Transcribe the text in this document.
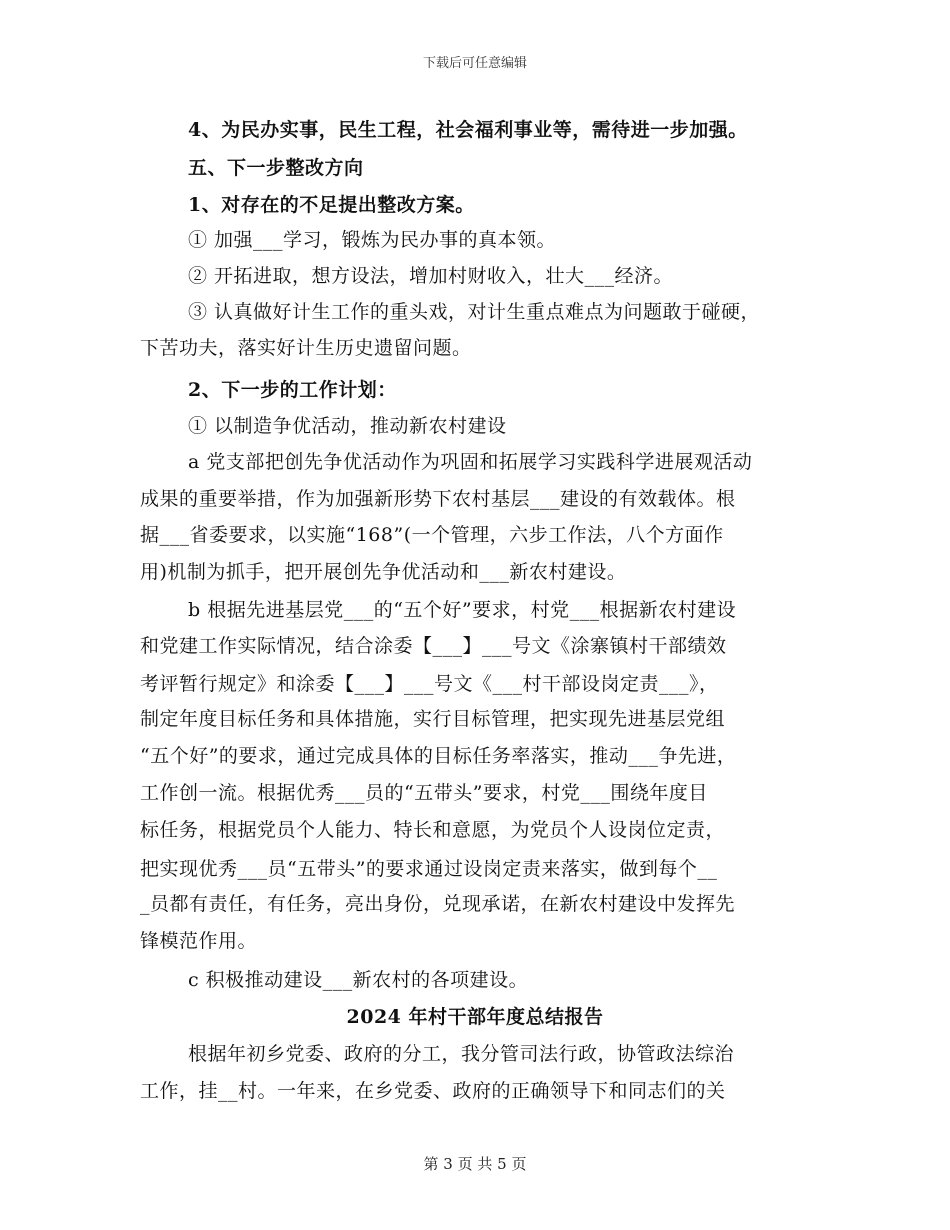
下载后可任意编辑
4、为民办实事，民生工程，社会福利事业等，需待进一步加强。
五、下一步整改方向
1、对存在的不足提出整改方案。
① 加强___学习，锻炼为民办事的真本领。
② 开拓进取，想方设法，增加村财收入，壮大___经济。
③ 认真做好计生工作的重头戏，对计生重点难点为问题敢于碰硬，
下苦功夫，落实好计生历史遗留问题。
2、下一步的工作计划：
① 以制造争优活动，推动新农村建设
a 党支部把创先争优活动作为巩固和拓展学习实践科学进展观活动
成果的重要举措，作为加强新形势下农村基层___建设的有效载体。根
据___省委要求，以实施“168”(一个管理，六步工作法，八个方面作
用)机制为抓手，把开展创先争优活动和___新农村建设。
b 根据先进基层党___的“五个好”要求，村党___根据新农村建设
和党建工作实际情况，结合涂委【___】___号文《涂寨镇村干部绩效
考评暂行规定》和涂委【___】___号文《___村干部设岗定责___》，
制定年度目标任务和具体措施，实行目标管理，把实现先进基层党组
“五个好”的要求，通过完成具体的目标任务率落实，推动___争先进，
工作创一流。根据优秀___员的“五带头”要求，村党___围绕年度目
标任务，根据党员个人能力、特长和意愿，为党员个人设岗位定责，
把实现优秀___员“五带头”的要求通过设岗定责来落实，做到每个__
_员都有责任，有任务，亮出身份，兑现承诺，在新农村建设中发挥先
锋模范作用。
c 积极推动建设___新农村的各项建设。
2024 年村干部年度总结报告
根据年初乡党委、政府的分工，我分管司法行政，协管政法综治
工作，挂__村。一年来，在乡党委、政府的正确领导下和同志们的关
第 3 页 共 5 页
